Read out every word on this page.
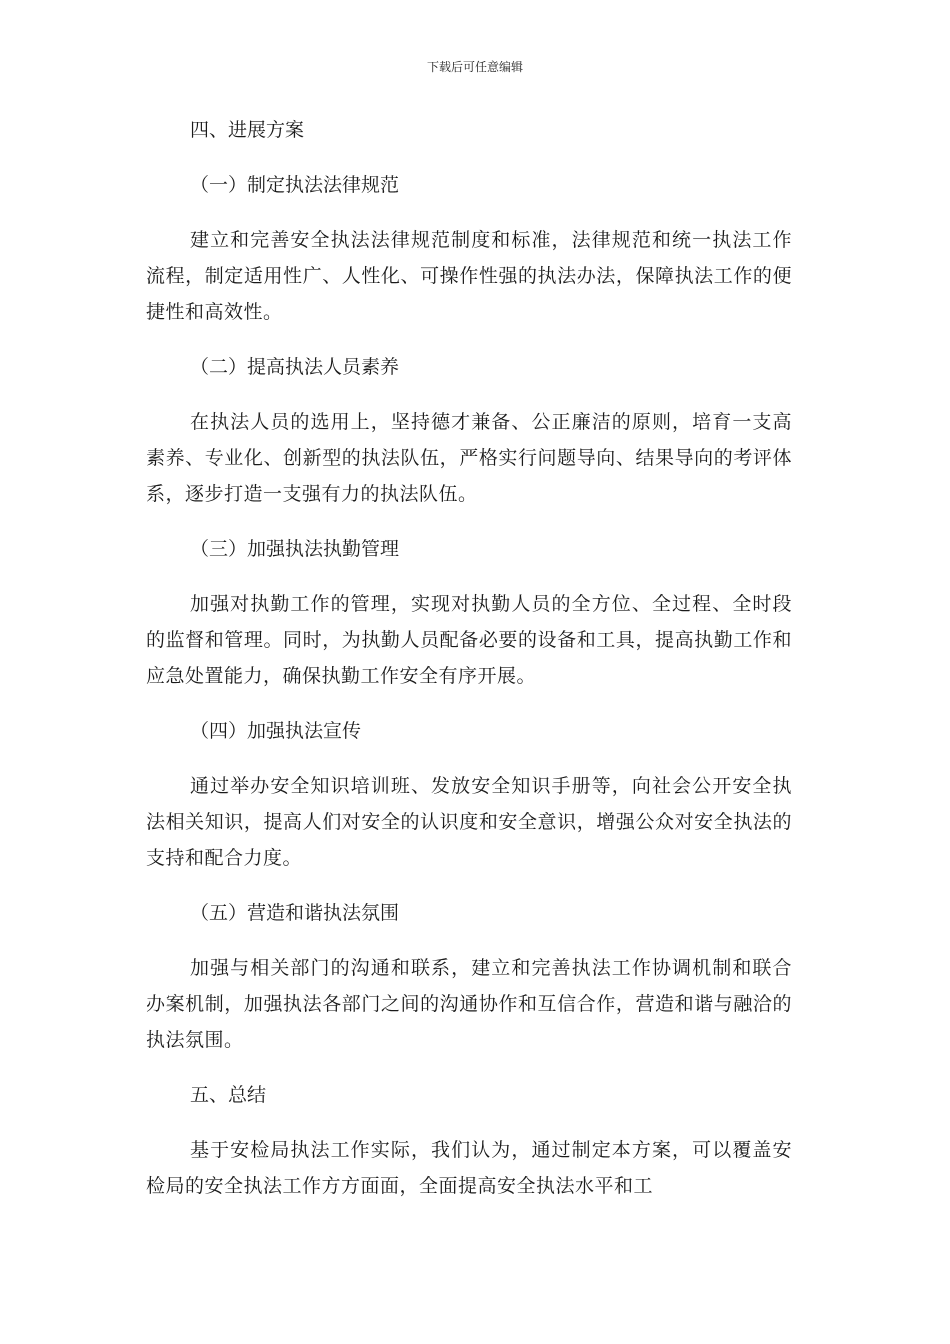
下载后可任意编辑
四、进展方案
（一）制定执法法律规范
建立和完善安全执法法律规范制度和标准，法律规范和统一执法工作流程，制定适用性广、人性化、可操作性强的执法办法，保障执法工作的便捷性和高效性。
（二）提高执法人员素养
在执法人员的选用上，坚持德才兼备、公正廉洁的原则，培育一支高素养、专业化、创新型的执法队伍，严格实行问题导向、结果导向的考评体系，逐步打造一支强有力的执法队伍。
（三）加强执法执勤管理
加强对执勤工作的管理，实现对执勤人员的全方位、全过程、全时段的监督和管理。同时，为执勤人员配备必要的设备和工具，提高执勤工作和应急处置能力，确保执勤工作安全有序开展。
（四）加强执法宣传
通过举办安全知识培训班、发放安全知识手册等，向社会公开安全执法相关知识，提高人们对安全的认识度和安全意识，增强公众对安全执法的支持和配合力度。
（五）营造和谐执法氛围
加强与相关部门的沟通和联系，建立和完善执法工作协调机制和联合办案机制，加强执法各部门之间的沟通协作和互信合作，营造和谐与融洽的执法氛围。
五、总结
基于安检局执法工作实际，我们认为，通过制定本方案，可以覆盖安检局的安全执法工作方方面面，全面提高安全执法水平和工
